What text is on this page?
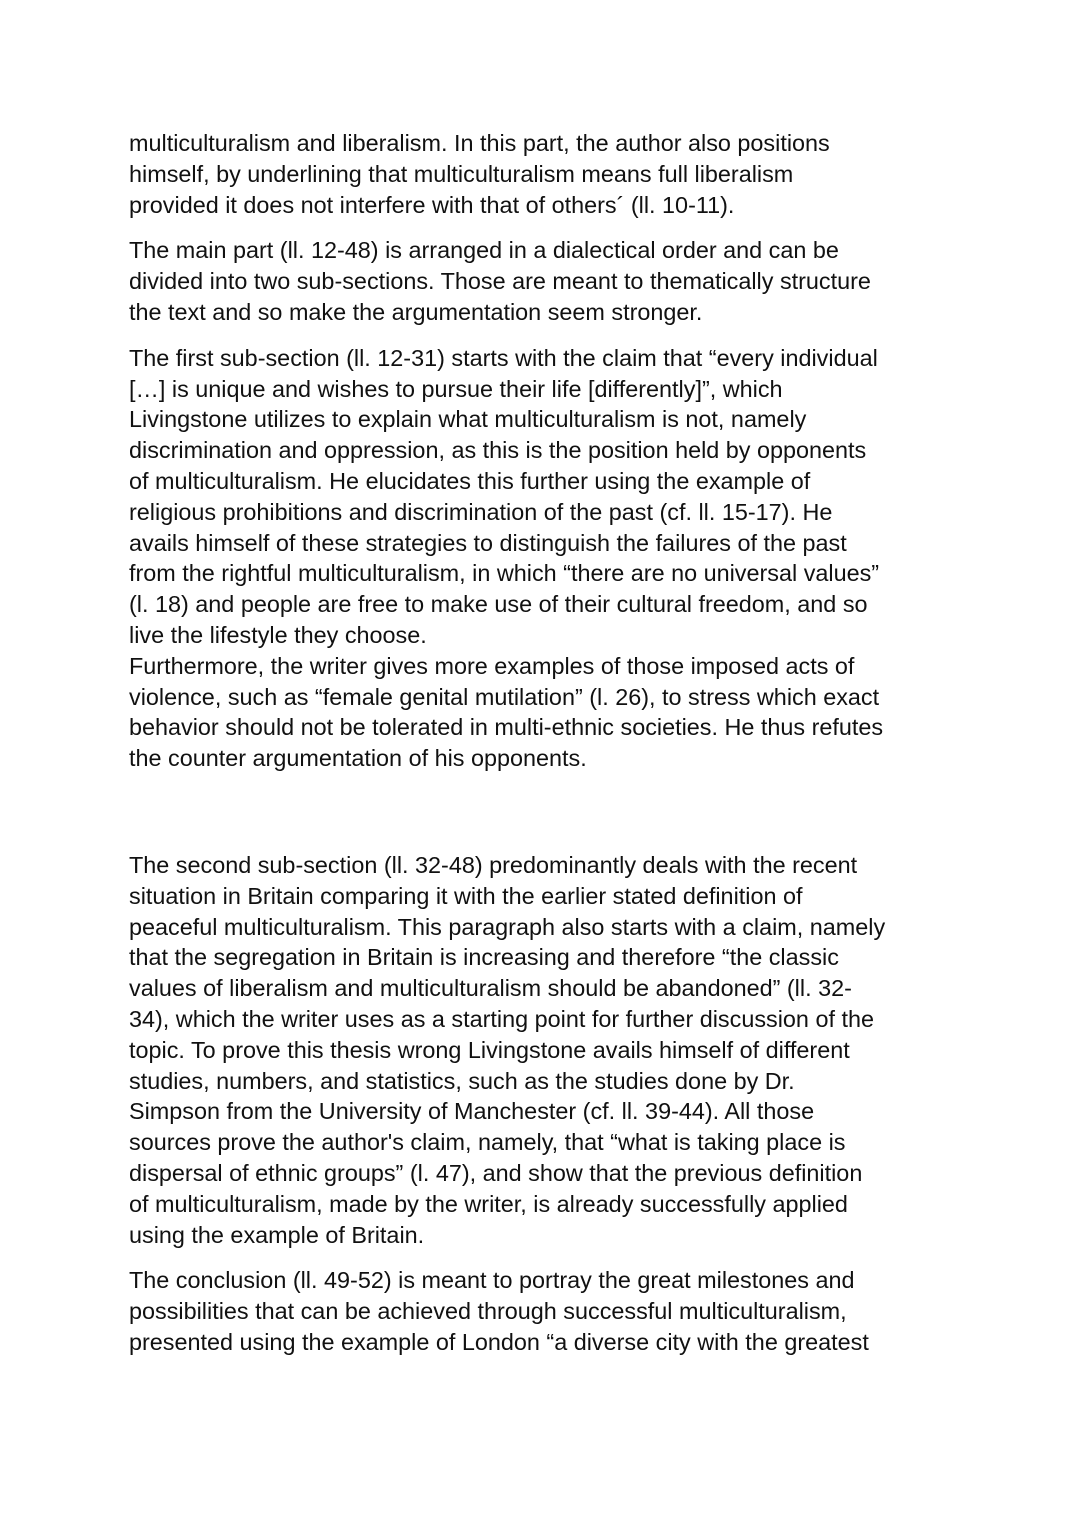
multiculturalism and liberalism. In this part, the author also positions
himself, by underlining that multiculturalism means full liberalism
provided it does not interfere with that of others´ (ll. 10-11).

The main part (ll. 12-48) is arranged in a dialectical order and can be
divided into two sub-sections. Those are meant to thematically structure
the text and so make the argumentation seem stronger.

The first sub-section (ll. 12-31) starts with the claim that “every individual
[…] is unique and wishes to pursue their life [differently]”, which
Livingstone utilizes to explain what multiculturalism is not, namely
discrimination and oppression, as this is the position held by opponents
of multiculturalism. He elucidates this further using the example of
religious prohibitions and discrimination of the past (cf. ll. 15-17). He
avails himself of these strategies to distinguish the failures of the past
from the rightful multiculturalism, in which “there are no universal values”
(l. 18) and people are free to make use of their cultural freedom, and so
live the lifestyle they choose.
Furthermore, the writer gives more examples of those imposed acts of
violence, such as “female genital mutilation” (l. 26), to stress which exact
behavior should not be tolerated in multi-ethnic societies. He thus refutes
the counter argumentation of his opponents.

The second sub-section (ll. 32-48) predominantly deals with the recent
situation in Britain comparing it with the earlier stated definition of
peaceful multiculturalism. This paragraph also starts with a claim, namely
that the segregation in Britain is increasing and therefore “the classic
values of liberalism and multiculturalism should be abandoned” (ll. 32-
34), which the writer uses as a starting point for further discussion of the
topic. To prove this thesis wrong Livingstone avails himself of different
studies, numbers, and statistics, such as the studies done by Dr.
Simpson from the University of Manchester (cf. ll. 39-44). All those
sources prove the author's claim, namely, that “what is taking place is
dispersal of ethnic groups” (l. 47), and show that the previous definition
of multiculturalism, made by the writer, is already successfully applied
using the example of Britain.

The conclusion (ll. 49-52) is meant to portray the great milestones and
possibilities that can be achieved through successful multiculturalism,
presented using the example of London “a diverse city with the greatest
